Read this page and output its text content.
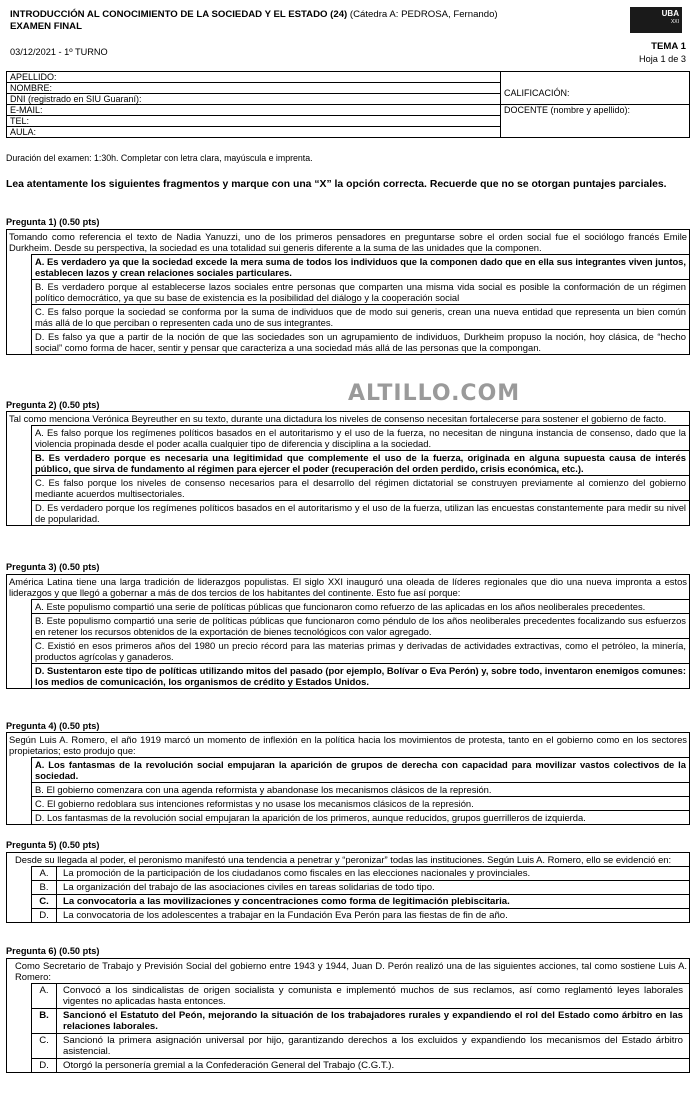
INTRODUCCIÓN AL CONOCIMIENTO DE LA SOCIEDAD Y EL ESTADO (24) (Cátedra A: PEDROSA, Fernando)
EXAMEN FINAL
03/12/2021 - 1º TURNO
UBA
XXI
TEMA 1
Hoja 1 de 3
APELLIDO:	CALIFICACIÓN:
NOMBRE:	
DNI (registrado en SIU Guaraní):	
E-MAIL:	DOCENTE (nombre y apellido):
TEL:	
AULA:	
Duración del examen: 1:30h. Completar con letra clara, mayúscula e imprenta.
Lea atentamente los siguientes fragmentos y marque con una “X” la opción correcta. Recuerde que no se otorgan puntajes parciales.
Pregunta 1) (0.50 pts)
Tomando como referencia el texto de Nadia Yanuzzi, uno de los primeros pensadores en preguntarse sobre el orden social fue el sociólogo francés Emile Durkheim. Desde su perspectiva, la sociedad es una totalidad sui generis diferente a la suma de las unidades que la componen.
A. Es verdadero ya que la sociedad excede la mera suma de todos los individuos que la componen dado que en ella sus integrantes viven juntos, establecen lazos y crean relaciones sociales particulares.
B. Es verdadero porque al establecerse lazos sociales entre personas que comparten una misma vida social es posible la conformación de un régimen político democrático, ya que su base de existencia es la posibilidad del diálogo y la cooperación social
C. Es falso porque la sociedad se conforma por la suma de individuos que de modo sui generis, crean una nueva entidad que representa un bien común más allá de lo que perciban o representen cada uno de sus integrantes.
D. Es falso ya que a partir de la noción de que las sociedades son un agrupamiento de individuos, Durkheim propuso la noción, hoy clásica, de “hecho social” como forma de hacer, sentir y pensar que caracteriza a una sociedad más allá de las personas que la compongan.
ALTILLO.COM
Pregunta 2) (0.50 pts)
Tal como menciona Verónica Beyreuther en su texto, durante una dictadura los niveles de consenso necesitan fortalecerse para sostener el gobierno de facto.
A. Es falso porque los regímenes políticos basados en el autoritarismo y el uso de la fuerza, no necesitan de ninguna instancia de consenso, dado que la violencia propinada desde el poder acalla cualquier tipo de diferencia y disciplina a la sociedad.
B. Es verdadero porque es necesaria una legitimidad que complemente el uso de la fuerza, originada en alguna supuesta causa de interés público, que sirva de fundamento al régimen para ejercer el poder (recuperación del orden perdido, crisis económica, etc.).
C. Es falso porque los niveles de consenso necesarios para el desarrollo del régimen dictatorial se construyen previamente al comienzo del gobierno mediante acuerdos multisectoriales.
D. Es verdadero porque los regímenes políticos basados en el autoritarismo y el uso de la fuerza, utilizan las encuestas constantemente para medir su nivel de popularidad.
Pregunta 3) (0.50 pts)
América Latina tiene una larga tradición de liderazgos populistas. El siglo XXI inauguró una oleada de líderes regionales que dio una nueva impronta a estos liderazgos y que llegó a gobernar a más de dos tercios de los habitantes del continente. Esto fue así porque:
A. Este populismo compartió una serie de políticas públicas que funcionaron como refuerzo de las aplicadas en los años neoliberales precedentes.
B. Este populismo compartió una serie de políticas públicas que funcionaron como péndulo de los años neoliberales precedentes focalizando sus esfuerzos en retener los recursos obtenidos de la exportación de bienes tecnológicos con valor agregado.
C. Existió en esos primeros años del 1980 un precio récord para las materias primas y derivadas de actividades extractivas, como el petróleo, la minería, productos agrícolas y ganaderos.
D. Sustentaron este tipo de políticas utilizando mitos del pasado (por ejemplo, Bolívar o Eva Perón) y, sobre todo, inventaron enemigos comunes: los medios de comunicación, los organismos de crédito y Estados Unidos.
Pregunta 4) (0.50 pts)
Según Luis A. Romero, el año 1919 marcó un momento de inflexión en la política hacia los movimientos de protesta, tanto en el gobierno como en los sectores propietarios; esto produjo que:
A. Los fantasmas de la revolución social empujaran la aparición de grupos de derecha con capacidad para movilizar vastos colectivos de la sociedad.
B. El gobierno comenzara con una agenda reformista y abandonase los mecanismos clásicos de la represión.
C. El gobierno redoblara sus intenciones reformistas y no usase los mecanismos clásicos de la represión.
D. Los fantasmas de la revolución social empujaran la aparición de los primeros, aunque reducidos, grupos guerrilleros de izquierda.
Pregunta 5) (0.50 pts)
Desde su llegada al poder, el peronismo manifestó una tendencia a penetrar y “peronizar” todas las instituciones. Según Luis A. Romero, ello se evidenció en:
A.	La promoción de la participación de los ciudadanos como fiscales en las elecciones nacionales y provinciales.
B.	La organización del trabajo de las asociaciones civiles en tareas solidarias de todo tipo.
C.	La convocatoria a las movilizaciones y concentraciones como forma de legitimación plebiscitaria.
D.	La convocatoria de los adolescentes a trabajar en la Fundación Eva Perón para las fiestas de fin de año.
Pregunta 6) (0.50 pts)
Como Secretario de Trabajo y Previsión Social del gobierno entre 1943 y 1944, Juan D. Perón realizó una de las siguientes acciones, tal como sostiene Luis A. Romero:
A.	Convocó a los sindicalistas de origen socialista y comunista e implementó muchos de sus reclamos, así como reglamentó leyes laborales vigentes no aplicadas hasta entonces.
B.	Sancionó el Estatuto del Peón, mejorando la situación de los trabajadores rurales y expandiendo el rol del Estado como árbitro en las relaciones laborales.
C.	Sancionó la primera asignación universal por hijo, garantizando derechos a los excluidos y expandiendo los mecanismos del Estado árbitro asistencial.
D.	Otorgó la personería gremial a la Confederación General del Trabajo (C.G.T.).
